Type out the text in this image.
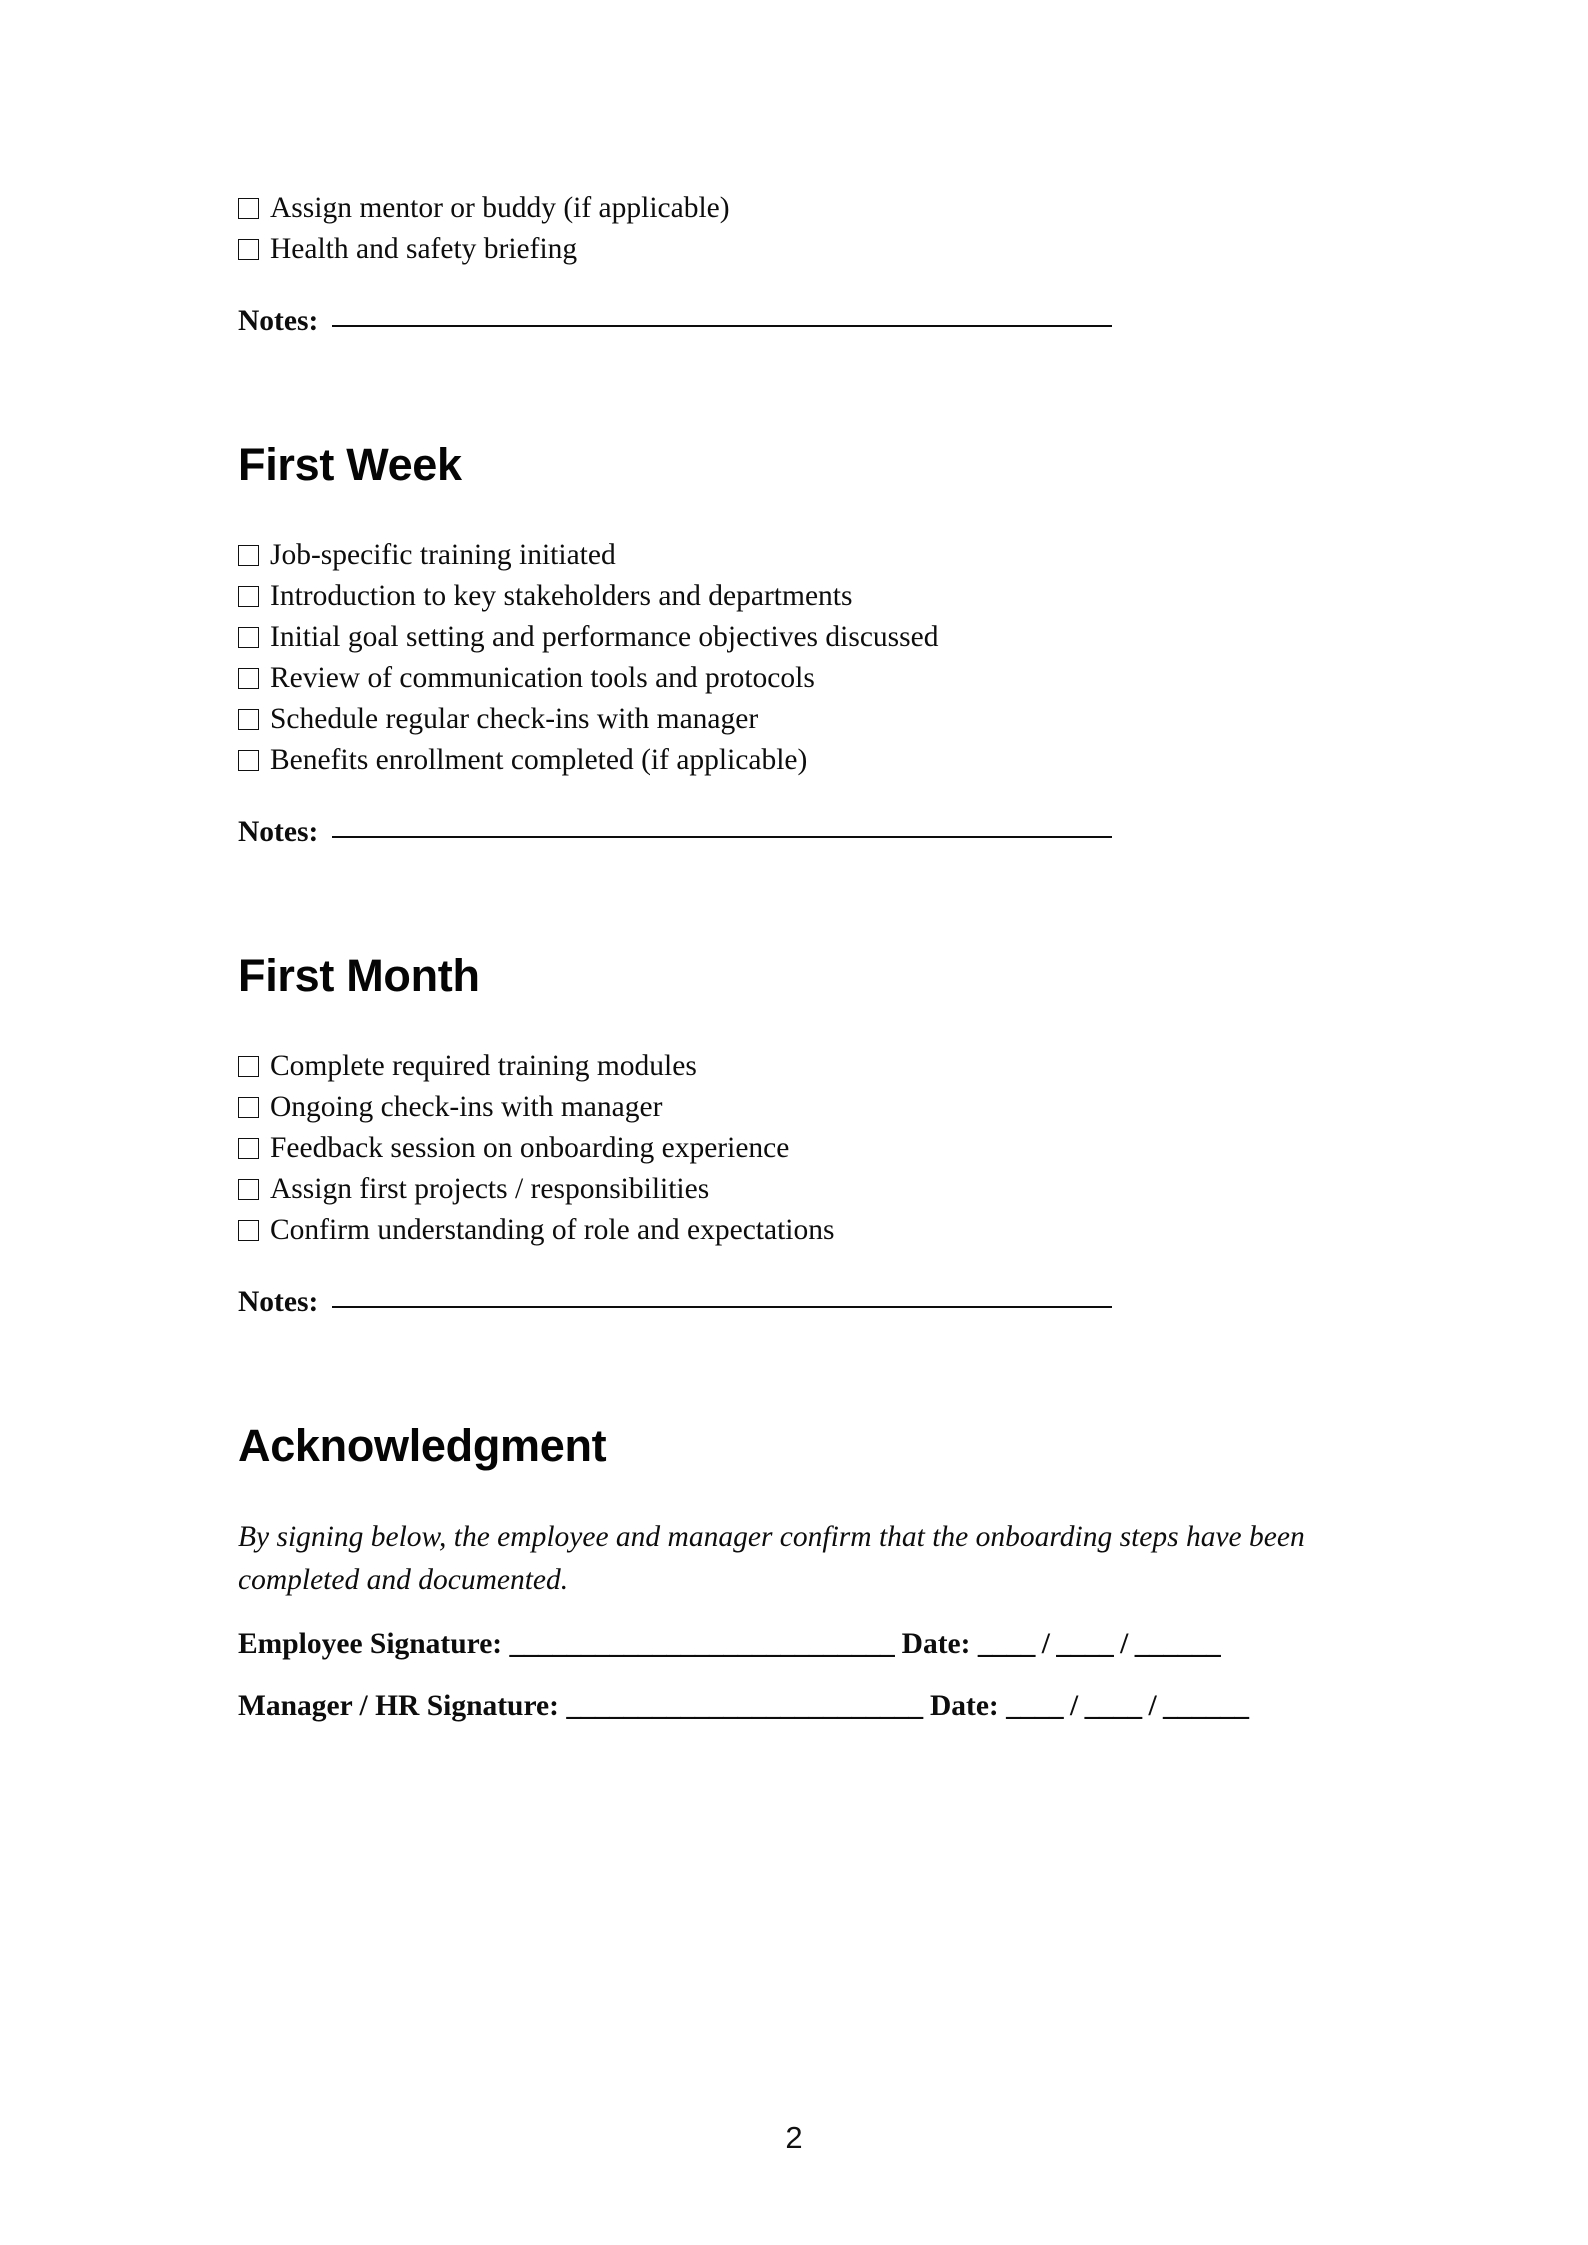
Assign mentor or buddy (if applicable)
Health and safety briefing
Notes:
First Week
Job-specific training initiated
Introduction to key stakeholders and departments
Initial goal setting and performance objectives discussed
Review of communication tools and protocols
Schedule regular check-ins with manager
Benefits enrollment completed (if applicable)
Notes:
First Month
Complete required training modules
Ongoing check-ins with manager
Feedback session on onboarding experience
Assign first projects / responsibilities
Confirm understanding of role and expectations
Notes:
Acknowledgment

By signing below, the employee and manager confirm that the onboarding steps have been completed and documented.

Employee Signature: ___________________________ Date: ____ / ____ / ______
Manager / HR Signature: _________________________ Date: ____ / ____ / ______
2
